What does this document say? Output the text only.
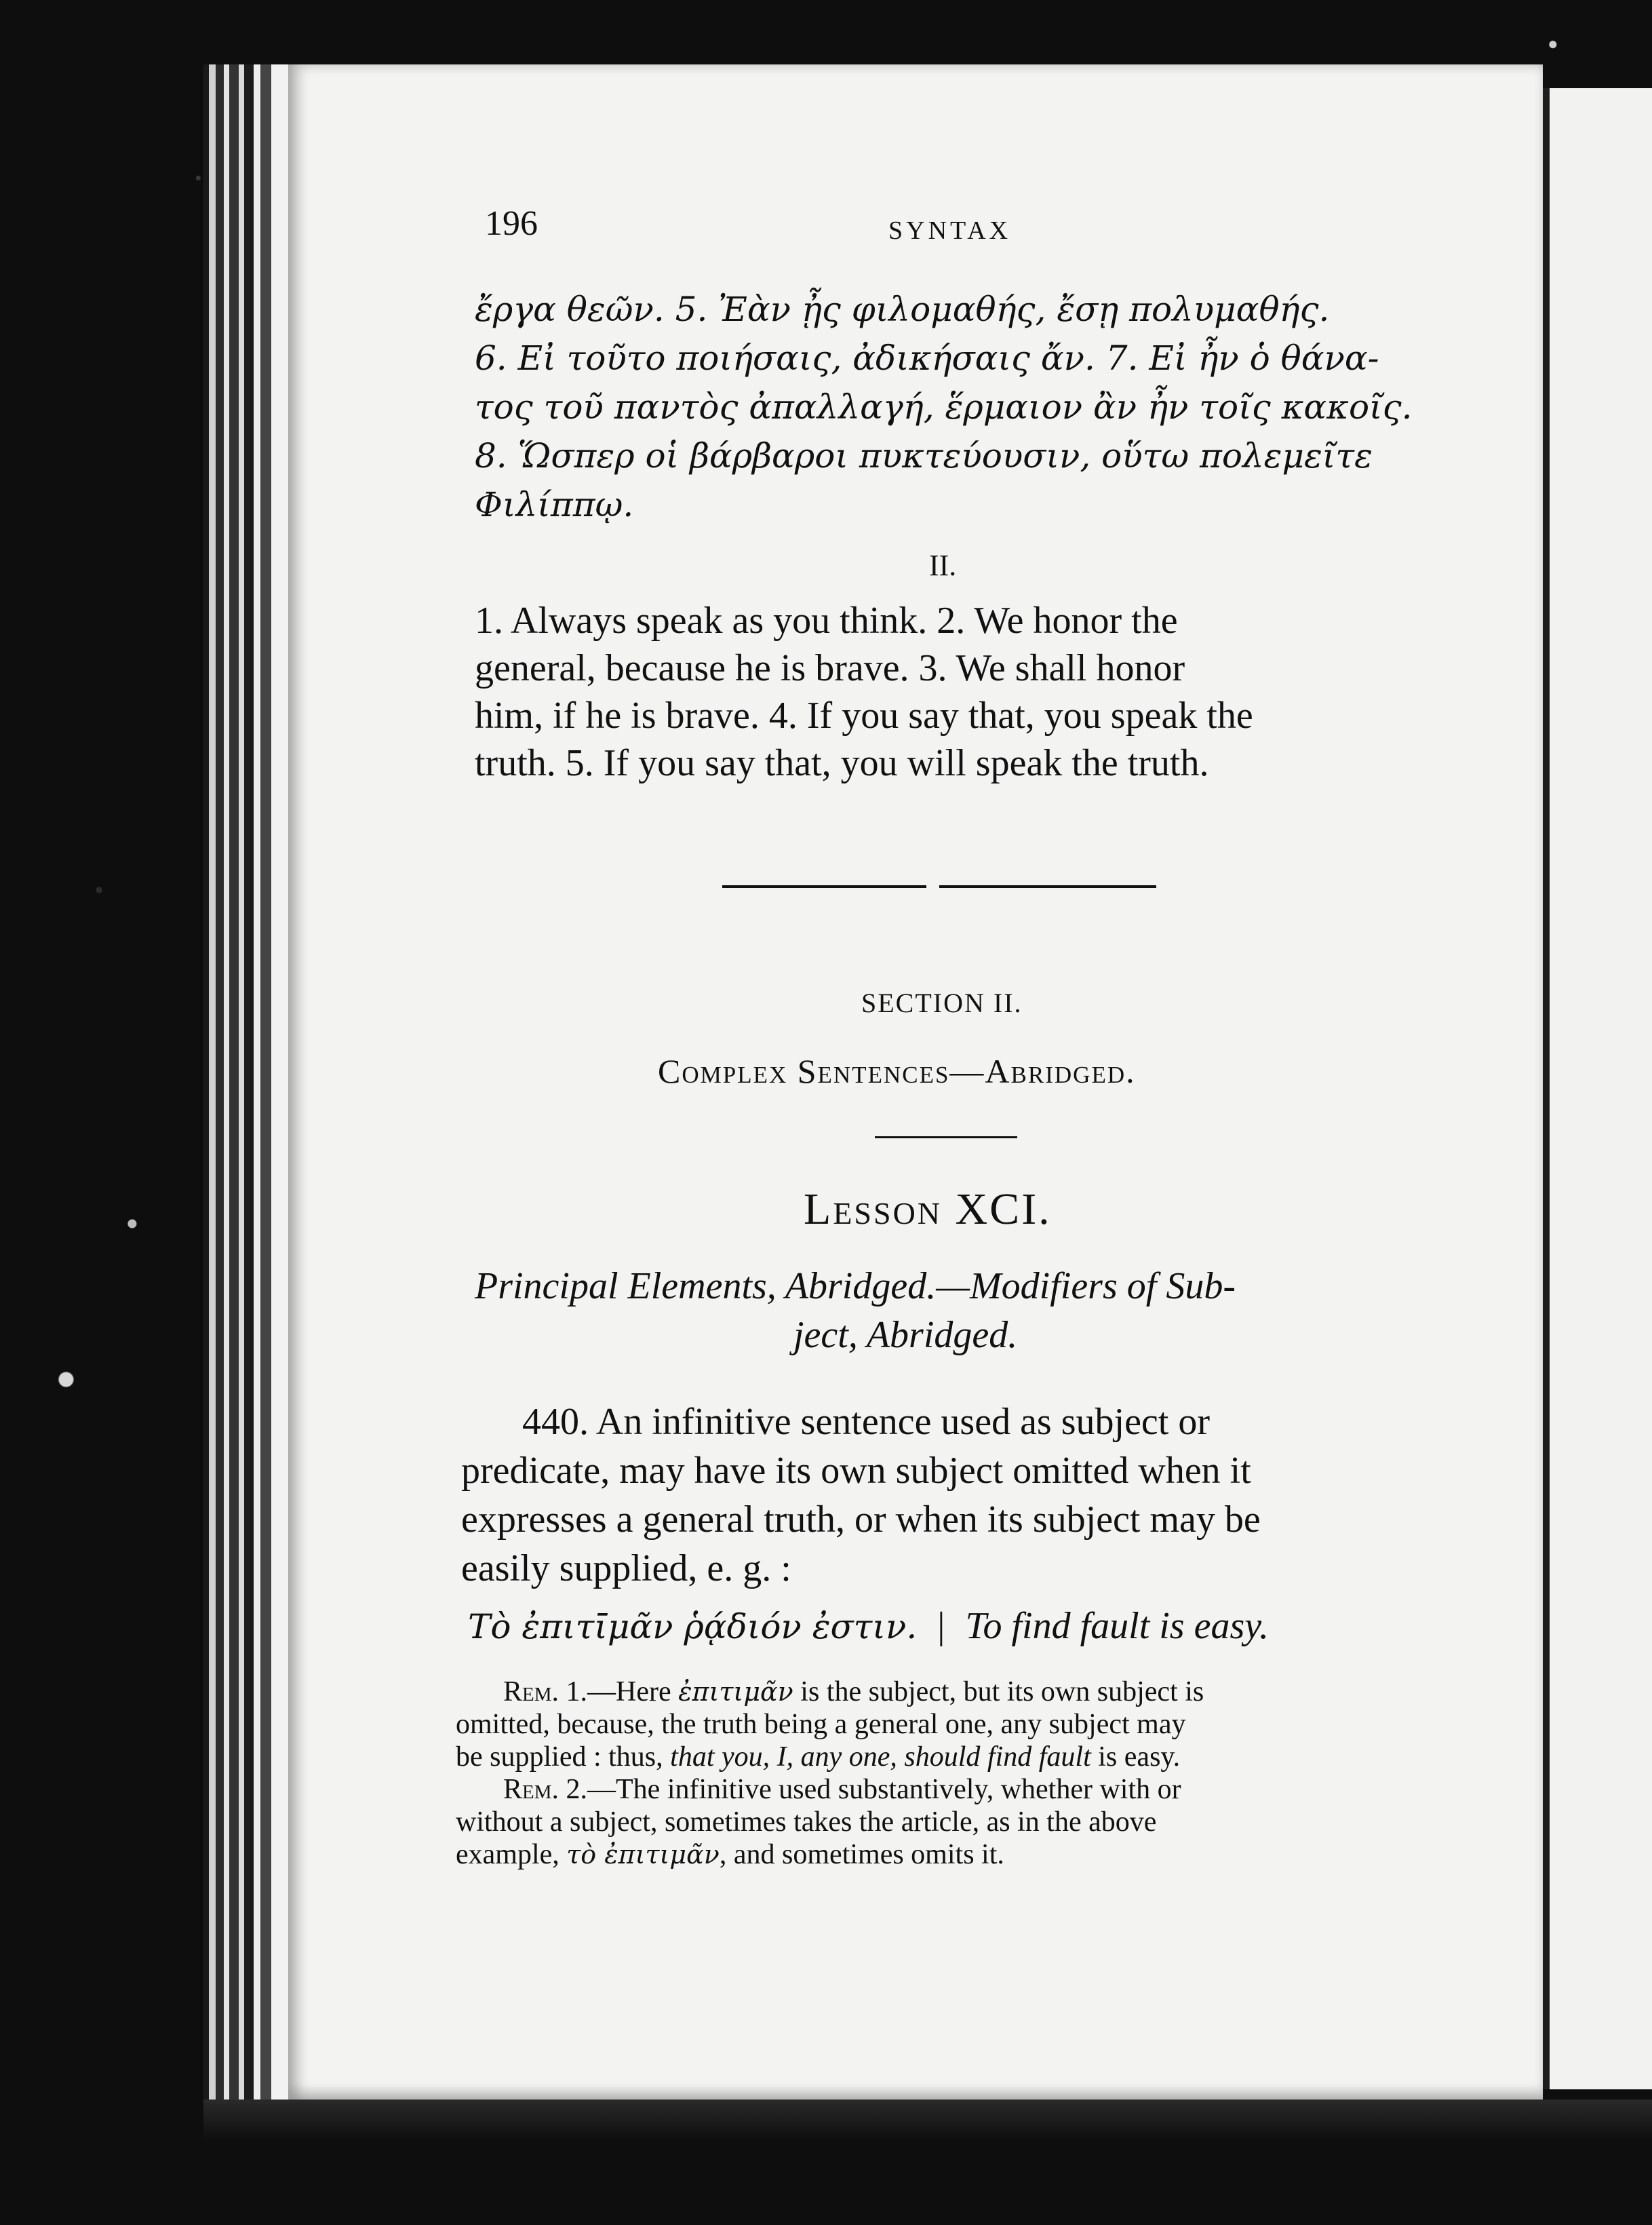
196	SYNTAX
ἔργα θεῶν. 5. Ἐὰν ᾖς φιλομαθής, ἔσῃ πολυμαθής.
6. Εἰ τοῦτο ποιήσαις, ἀδικήσαις ἄν. 7. Εἰ ἦν ὁ θάνα-
τος τοῦ παντὸς ἀπαλλαγή, ἕρμαιον ἂν ἦν τοῖς κακοῖς.
8. Ὥσπερ οἱ βάρβαροι πυκτεύουσιν, οὕτω πολεμεῖτε
Φιλίππῳ.
II.
1. Always speak as you think. 2. We honor the
general, because he is brave. 3. We shall honor
him, if he is brave. 4. If you say that, you speak the
truth. 5. If you say that, you will speak the truth.
SECTION II.
Complex Sentences—Abridged.
Lesson XCI.
Principal Elements, Abridged.—Modifiers of Sub-
ject, Abridged.
440. An infinitive sentence used as subject or
predicate, may have its own subject omitted when it
expresses a general truth, or when its subject may be
easily supplied, e. g. :
Τὸ ἐπιτῑμᾶν ῥᾴδιόν ἐστιν. | To find fault is easy.
Rem. 1.—Here ἐπιτιμᾶν is the subject, but its own subject is
omitted, because, the truth being a general one, any subject may
be supplied : thus, that you, I, any one, should find fault is easy.
Rem. 2.—The infinitive used substantively, whether with or
without a subject, sometimes takes the article, as in the above
example, τὸ ἐπιτιμᾶν, and sometimes omits it.
